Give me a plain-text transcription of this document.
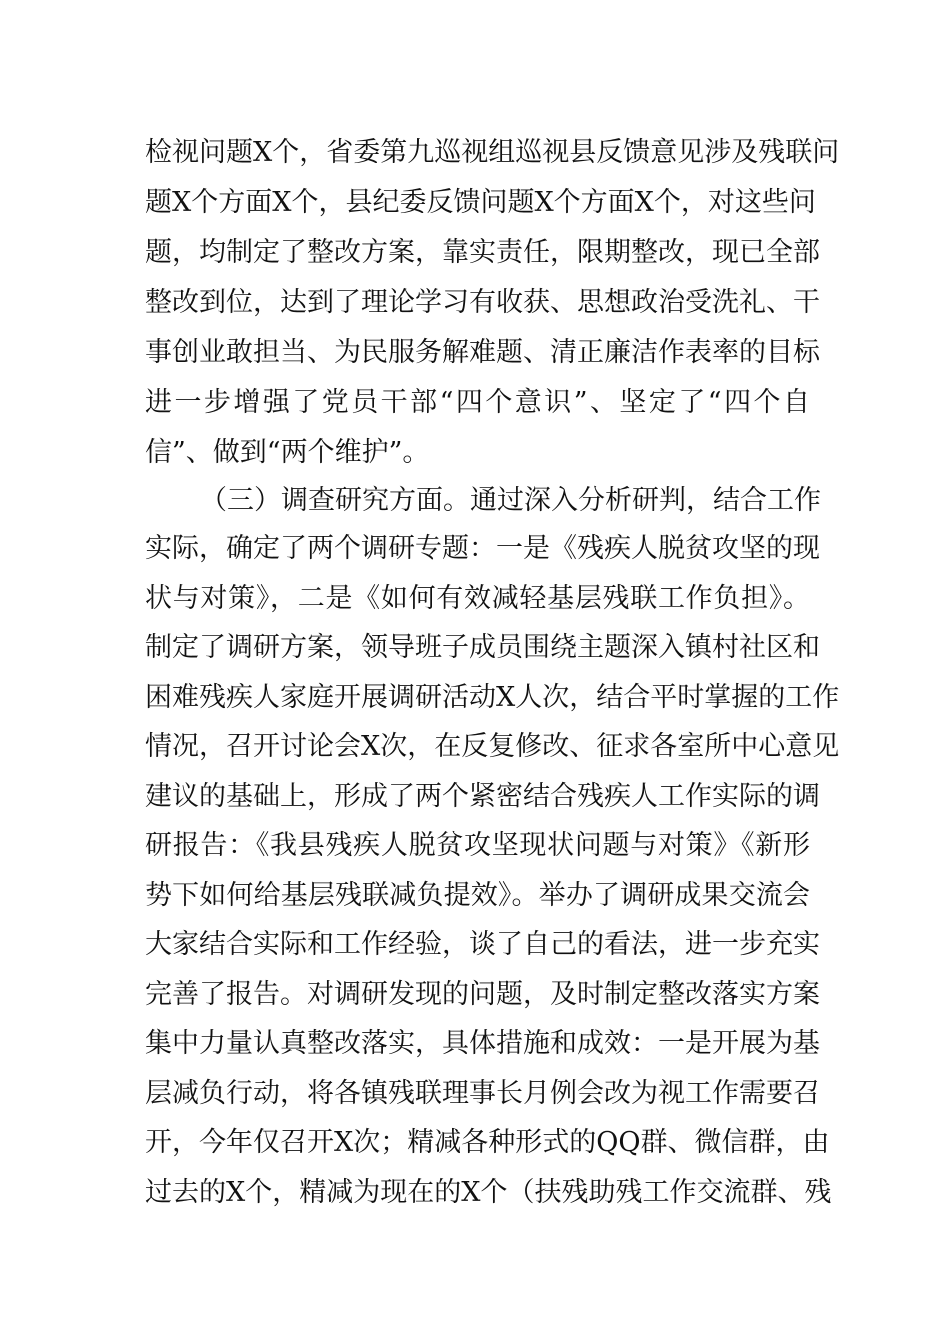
检视问题X个，省委第九巡视组巡视县反馈意见涉及残联问
题X个方面X个，县纪委反馈问题X个方面X个，对这些问
题，均制定了整改方案，靠实责任，限期整改，现已全部
整改到位，达到了理论学习有收获、思想政治受洗礼、干
事创业敢担当、为民服务解难题、清正廉洁作表率的目标
进一步增强了党员干部“四个意识”、坚定了“四个自
信”、做到“两个维护”。
（三）调查研究方面。通过深入分析研判，结合工作
实际，确定了两个调研专题：一是《残疾人脱贫攻坚的现
状与对策》，二是《如何有效减轻基层残联工作负担》。
制定了调研方案，领导班子成员围绕主题深入镇村社区和
困难残疾人家庭开展调研活动X人次，结合平时掌握的工作
情况，召开讨论会X次，在反复修改、征求各室所中心意见
建议的基础上，形成了两个紧密结合残疾人工作实际的调
研报告：《我县残疾人脱贫攻坚现状问题与对策》《新形
势下如何给基层残联减负提效》。举办了调研成果交流会
大家结合实际和工作经验，谈了自己的看法，进一步充实
完善了报告。对调研发现的问题，及时制定整改落实方案
集中力量认真整改落实，具体措施和成效：一是开展为基
层减负行动，将各镇残联理事长月例会改为视工作需要召
开，今年仅召开X次；精减各种形式的QQ群、微信群，由
过去的X个，精减为现在的X个（扶残助残工作交流群、残
